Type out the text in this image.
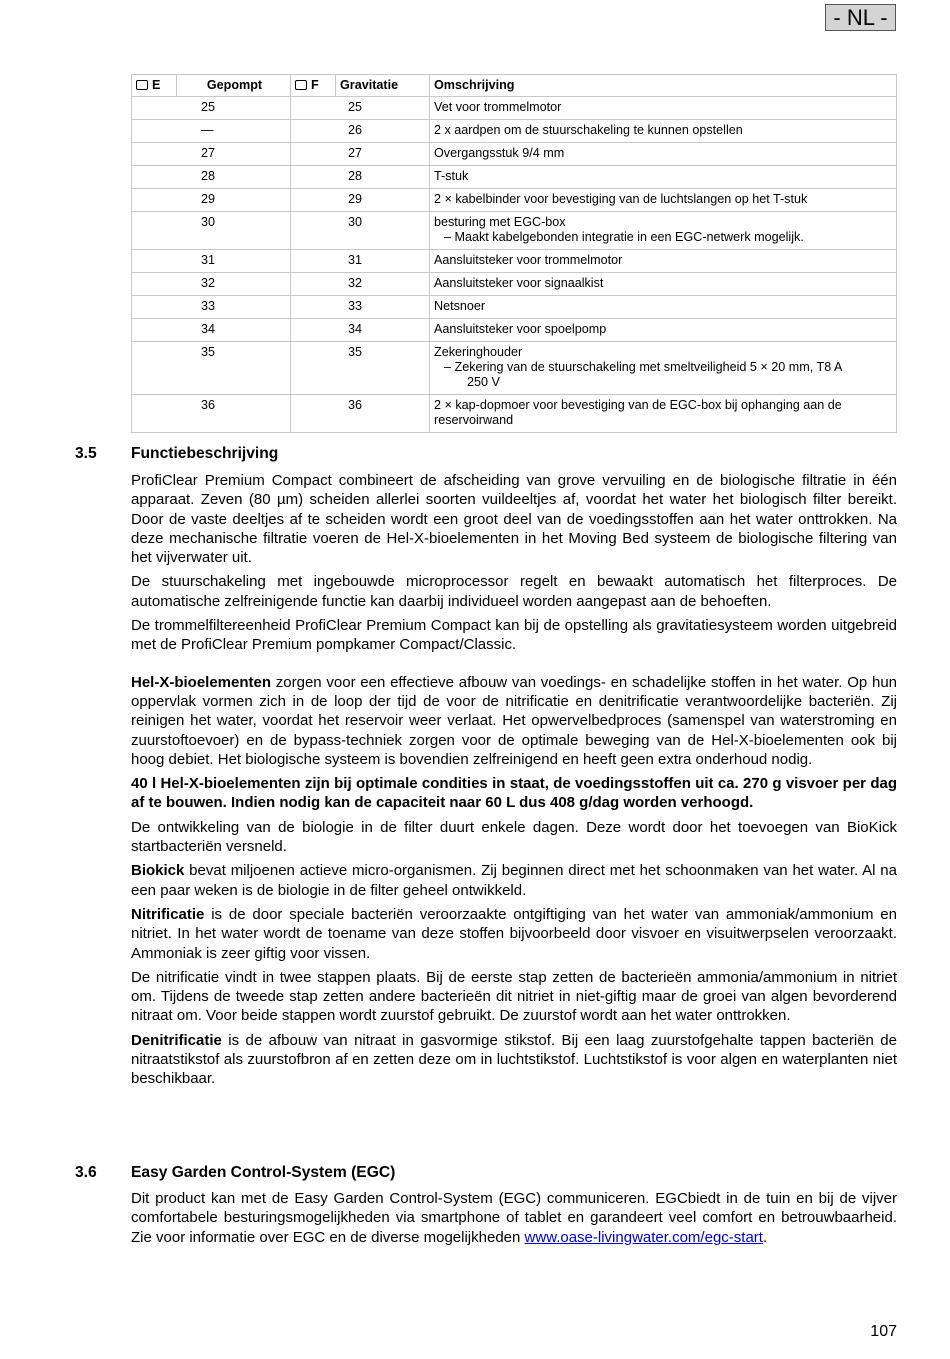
- NL -
E	Gepompt	F	Gravitatie	Omschrijving
25		25		Vet voor trommelmotor
—		26		2 x aardpen om de stuurschakeling te kunnen opstellen
27		27		Overgangsstuk 9/4 mm
28		28		T-stuk
29		29		2 × kabelbinder voor bevestiging van de luchtslangen op het T-stuk
30		30		besturing met EGC-box
– Maakt kabelgebonden integratie in een EGC-netwerk mogelijk.

31		31		Aansluitsteker voor trommelmotor
32		32		Aansluitsteker voor signaalkist
33		33		Netsnoer
34		34		Aansluitsteker voor spoelpomp
35		35		Zekeringhouder
– Zekering van de stuurschakeling met smeltveiligheid 5 × 20 mm, T8 A
250 V

36		36		2 × kap-dopmoer voor bevestiging van de EGC-box bij ophanging aan de reservoirwand
3.5 Functiebeschrijving

ProfiClear Premium Compact combineert de afscheiding van grove vervuiling en de biologische filtratie in één apparaat. Zeven (80 µm) scheiden allerlei soorten vuildeeltjes af, voordat het water het biologisch filter bereikt. Door de vaste deeltjes af te scheiden wordt een groot deel van de voedingsstoffen aan het water onttrokken. Na deze mechanische filtratie voeren de Hel-X-bioelementen in het Moving Bed systeem de biologische filtering van het vijverwater uit.

De stuurschakeling met ingebouwde microprocessor regelt en bewaakt automatisch het filterproces. De automatische zelfreinigende functie kan daarbij individueel worden aangepast aan de behoeften.

De trommelfiltereenheid ProfiClear Premium Compact kan bij de opstelling als gravitatiesysteem worden uitgebreid met de ProfiClear Premium pompkamer Compact/Classic.

Hel-X-bioelementen zorgen voor een effectieve afbouw van voedings- en schadelijke stoffen in het water. Op hun oppervlak vormen zich in de loop der tijd de voor de nitrificatie en denitrificatie verantwoordelijke bacteriën. Zij reinigen het water, voordat het reservoir weer verlaat. Het opwervelbedproces (samenspel van waterstroming en zuurstoftoevoer) en de bypass-techniek zorgen voor de optimale beweging van de Hel-X-bioelementen ook bij hoog debiet. Het biologische systeem is bovendien zelfreinigend en heeft geen extra onderhoud nodig.

40 l Hel-X-bioelementen zijn bij optimale condities in staat, de voedingsstoffen uit ca. 270 g visvoer per dag af te bouwen. Indien nodig kan de capaciteit naar 60 L dus 408 g/dag worden verhoogd.

De ontwikkeling van de biologie in de filter duurt enkele dagen. Deze wordt door het toevoegen van BioKick startbacteriën versneld.

Biokick bevat miljoenen actieve micro-organismen. Zij beginnen direct met het schoonmaken van het water. Al na een paar weken is de biologie in de filter geheel ontwikkeld.

Nitrificatie is de door speciale bacteriën veroorzaakte ontgiftiging van het water van ammoniak/ammonium en nitriet. In het water wordt de toename van deze stoffen bijvoorbeeld door visvoer en visuitwerpselen veroorzaakt. Ammoniak is zeer giftig voor vissen.

De nitrificatie vindt in twee stappen plaats. Bij de eerste stap zetten de bacterieën ammonia/ammonium in nitriet om. Tijdens de tweede stap zetten andere bacterieën dit nitriet in niet-giftig maar de groei van algen bevorderend nitraat om. Voor beide stappen wordt zuurstof gebruikt. De zuurstof wordt aan het water onttrokken.

Denitrificatie is de afbouw van nitraat in gasvormige stikstof. Bij een laag zuurstofgehalte tappen bacteriën de nitraatstikstof als zuurstofbron af en zetten deze om in luchtstikstof. Luchtstikstof is voor algen en waterplanten niet beschikbaar.

3.6 Easy Garden Control-System (EGC)

Dit product kan met de Easy Garden Control-System (EGC) communiceren. EGCbiedt in de tuin en bij de vijver comfortabele besturingsmogelijkheden via smartphone of tablet en garandeert veel comfort en betrouwbaarheid. Zie voor informatie over EGC en de diverse mogelijkheden www.oase-livingwater.com/egc-start.

107
